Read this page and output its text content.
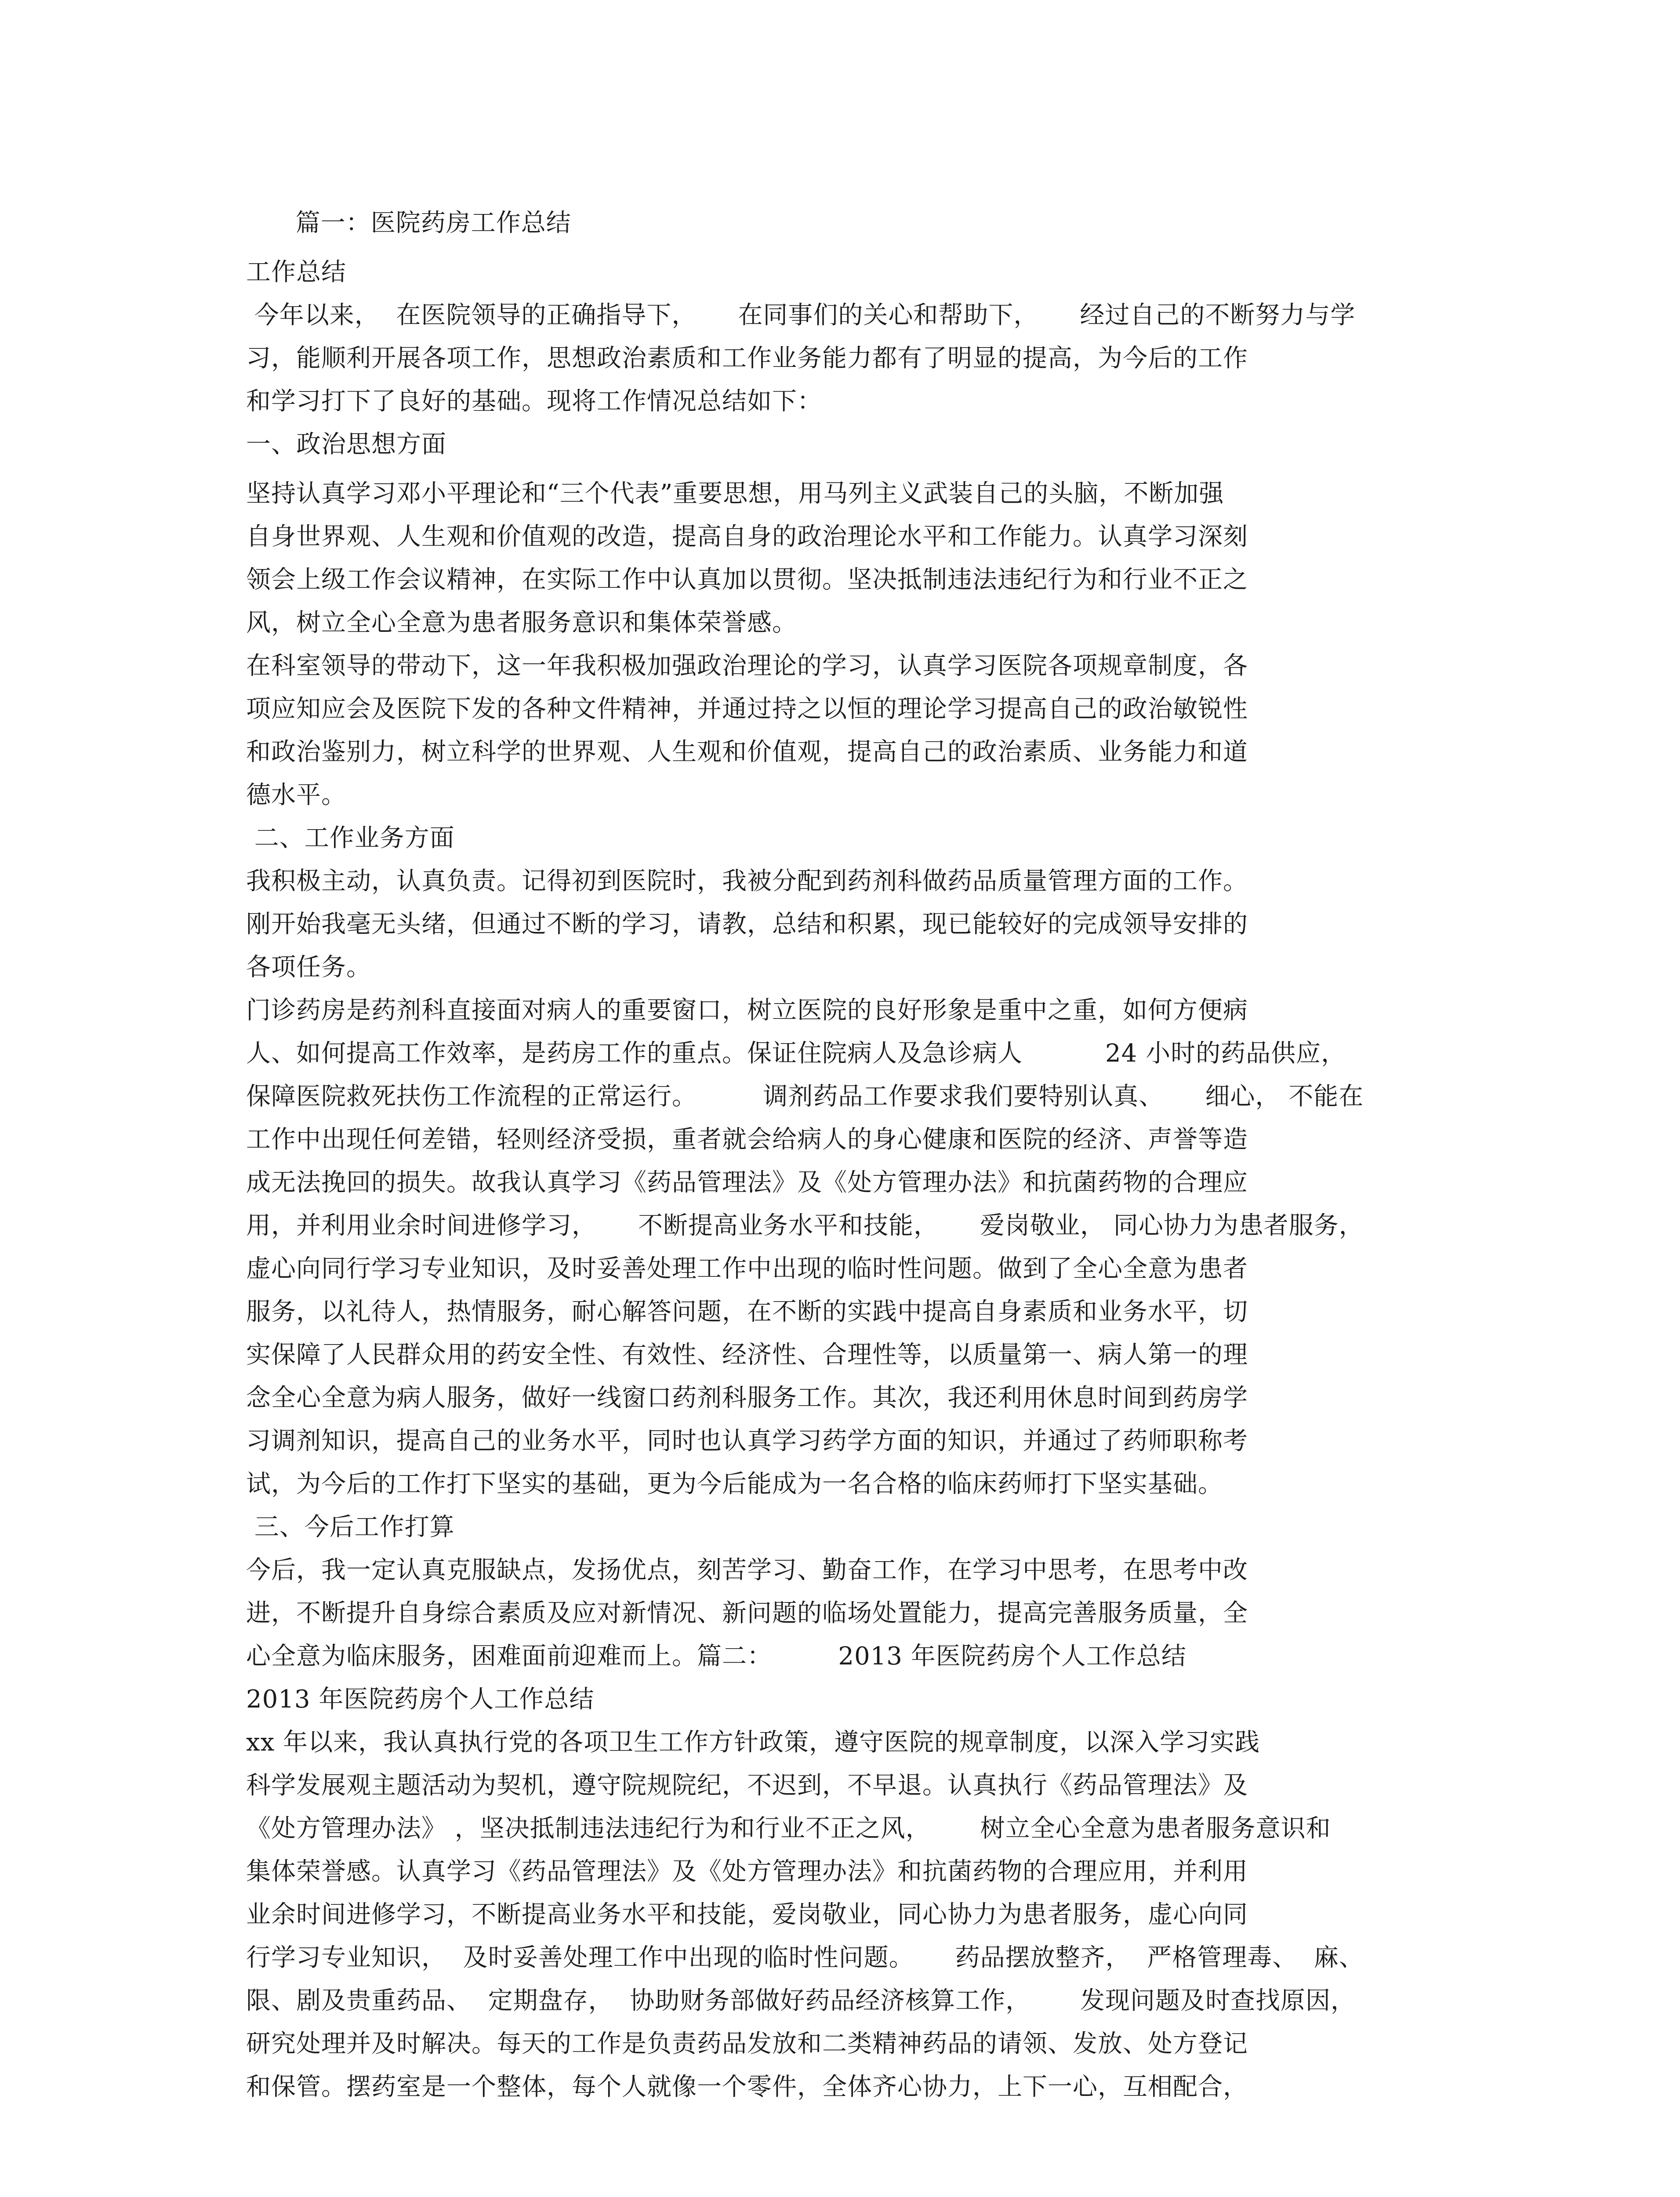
篇一：医院药房工作总结
工作总结
今年以来，  在医院领导的正确指导下，     在同事们的关心和帮助下，     经过自己的不断努力与学
习，能顺利开展各项工作，思想政治素质和工作业务能力都有了明显的提高，为今后的工作
和学习打下了良好的基础。现将工作情况总结如下：
一、政治思想方面
坚持认真学习邓小平理论和“三个代表”重要思想，用马列主义武装自己的头脑，不断加强
自身世界观、人生观和价值观的改造，提高自身的政治理论水平和工作能力。认真学习深刻
领会上级工作会议精神，在实际工作中认真加以贯彻。坚决抵制违法违纪行为和行业不正之
风，树立全心全意为患者服务意识和集体荣誉感。
在科室领导的带动下，这一年我积极加强政治理论的学习，认真学习医院各项规章制度，各
项应知应会及医院下发的各种文件精神，并通过持之以恒的理论学习提高自己的政治敏锐性
和政治鉴别力，树立科学的世界观、人生观和价值观，提高自己的政治素质、业务能力和道
德水平。
二、工作业务方面
我积极主动，认真负责。记得初到医院时，我被分配到药剂科做药品质量管理方面的工作。
刚开始我毫无头绪，但通过不断的学习，请教，总结和积累，现已能较好的完成领导安排的
各项任务。
门诊药房是药剂科直接面对病人的重要窗口，树立医院的良好形象是重中之重，如何方便病
人、如何提高工作效率，是药房工作的重点。保证住院病人及急诊病人          24 小时的药品供应，
保障医院救死扶伤工作流程的正常运行。        调剂药品工作要求我们要特别认真、     细心， 不能在
工作中出现任何差错，轻则经济受损，重者就会给病人的身心健康和医院的经济、声誉等造
成无法挽回的损失。故我认真学习《药品管理法》及《处方管理办法》和抗菌药物的合理应
用，并利用业余时间进修学习，     不断提高业务水平和技能，     爱岗敬业， 同心协力为患者服务，
虚心向同行学习专业知识，及时妥善处理工作中出现的临时性问题。做到了全心全意为患者
服务，以礼待人，热情服务，耐心解答问题，在不断的实践中提高自身素质和业务水平，切
实保障了人民群众用的药安全性、有效性、经济性、合理性等，以质量第一、病人第一的理
念全心全意为病人服务，做好一线窗口药剂科服务工作。其次，我还利用休息时间到药房学
习调剂知识，提高自己的业务水平，同时也认真学习药学方面的知识，并通过了药师职称考
试，为今后的工作打下坚实的基础，更为今后能成为一名合格的临床药师打下坚实基础。
三、今后工作打算
今后，我一定认真克服缺点，发扬优点，刻苦学习、勤奋工作，在学习中思考，在思考中改
进，不断提升自身综合素质及应对新情况、新问题的临场处置能力，提高完善服务质量，全
心全意为临床服务，困难面前迎难而上。篇二：        2013 年医院药房个人工作总结
2013 年医院药房个人工作总结
xx 年以来，我认真执行党的各项卫生工作方针政策，遵守医院的规章制度，以深入学习实践
科学发展观主题活动为契机，遵守院规院纪，不迟到，不早退。认真执行《药品管理法》及
《处方管理办法》 ，坚决抵制违法违纪行为和行业不正之风，      树立全心全意为患者服务意识和
集体荣誉感。认真学习《药品管理法》及《处方管理办法》和抗菌药物的合理应用，并利用
业余时间进修学习，不断提高业务水平和技能，爱岗敬业，同心协力为患者服务，虚心向同
行学习专业知识，  及时妥善处理工作中出现的临时性问题。     药品摆放整齐，  严格管理毒、  麻、
限、剧及贵重药品、  定期盘存，  协助财务部做好药品经济核算工作，      发现问题及时查找原因，
研究处理并及时解决。每天的工作是负责药品发放和二类精神药品的请领、发放、处方登记
和保管。摆药室是一个整体，每个人就像一个零件，全体齐心协力，上下一心，互相配合，
